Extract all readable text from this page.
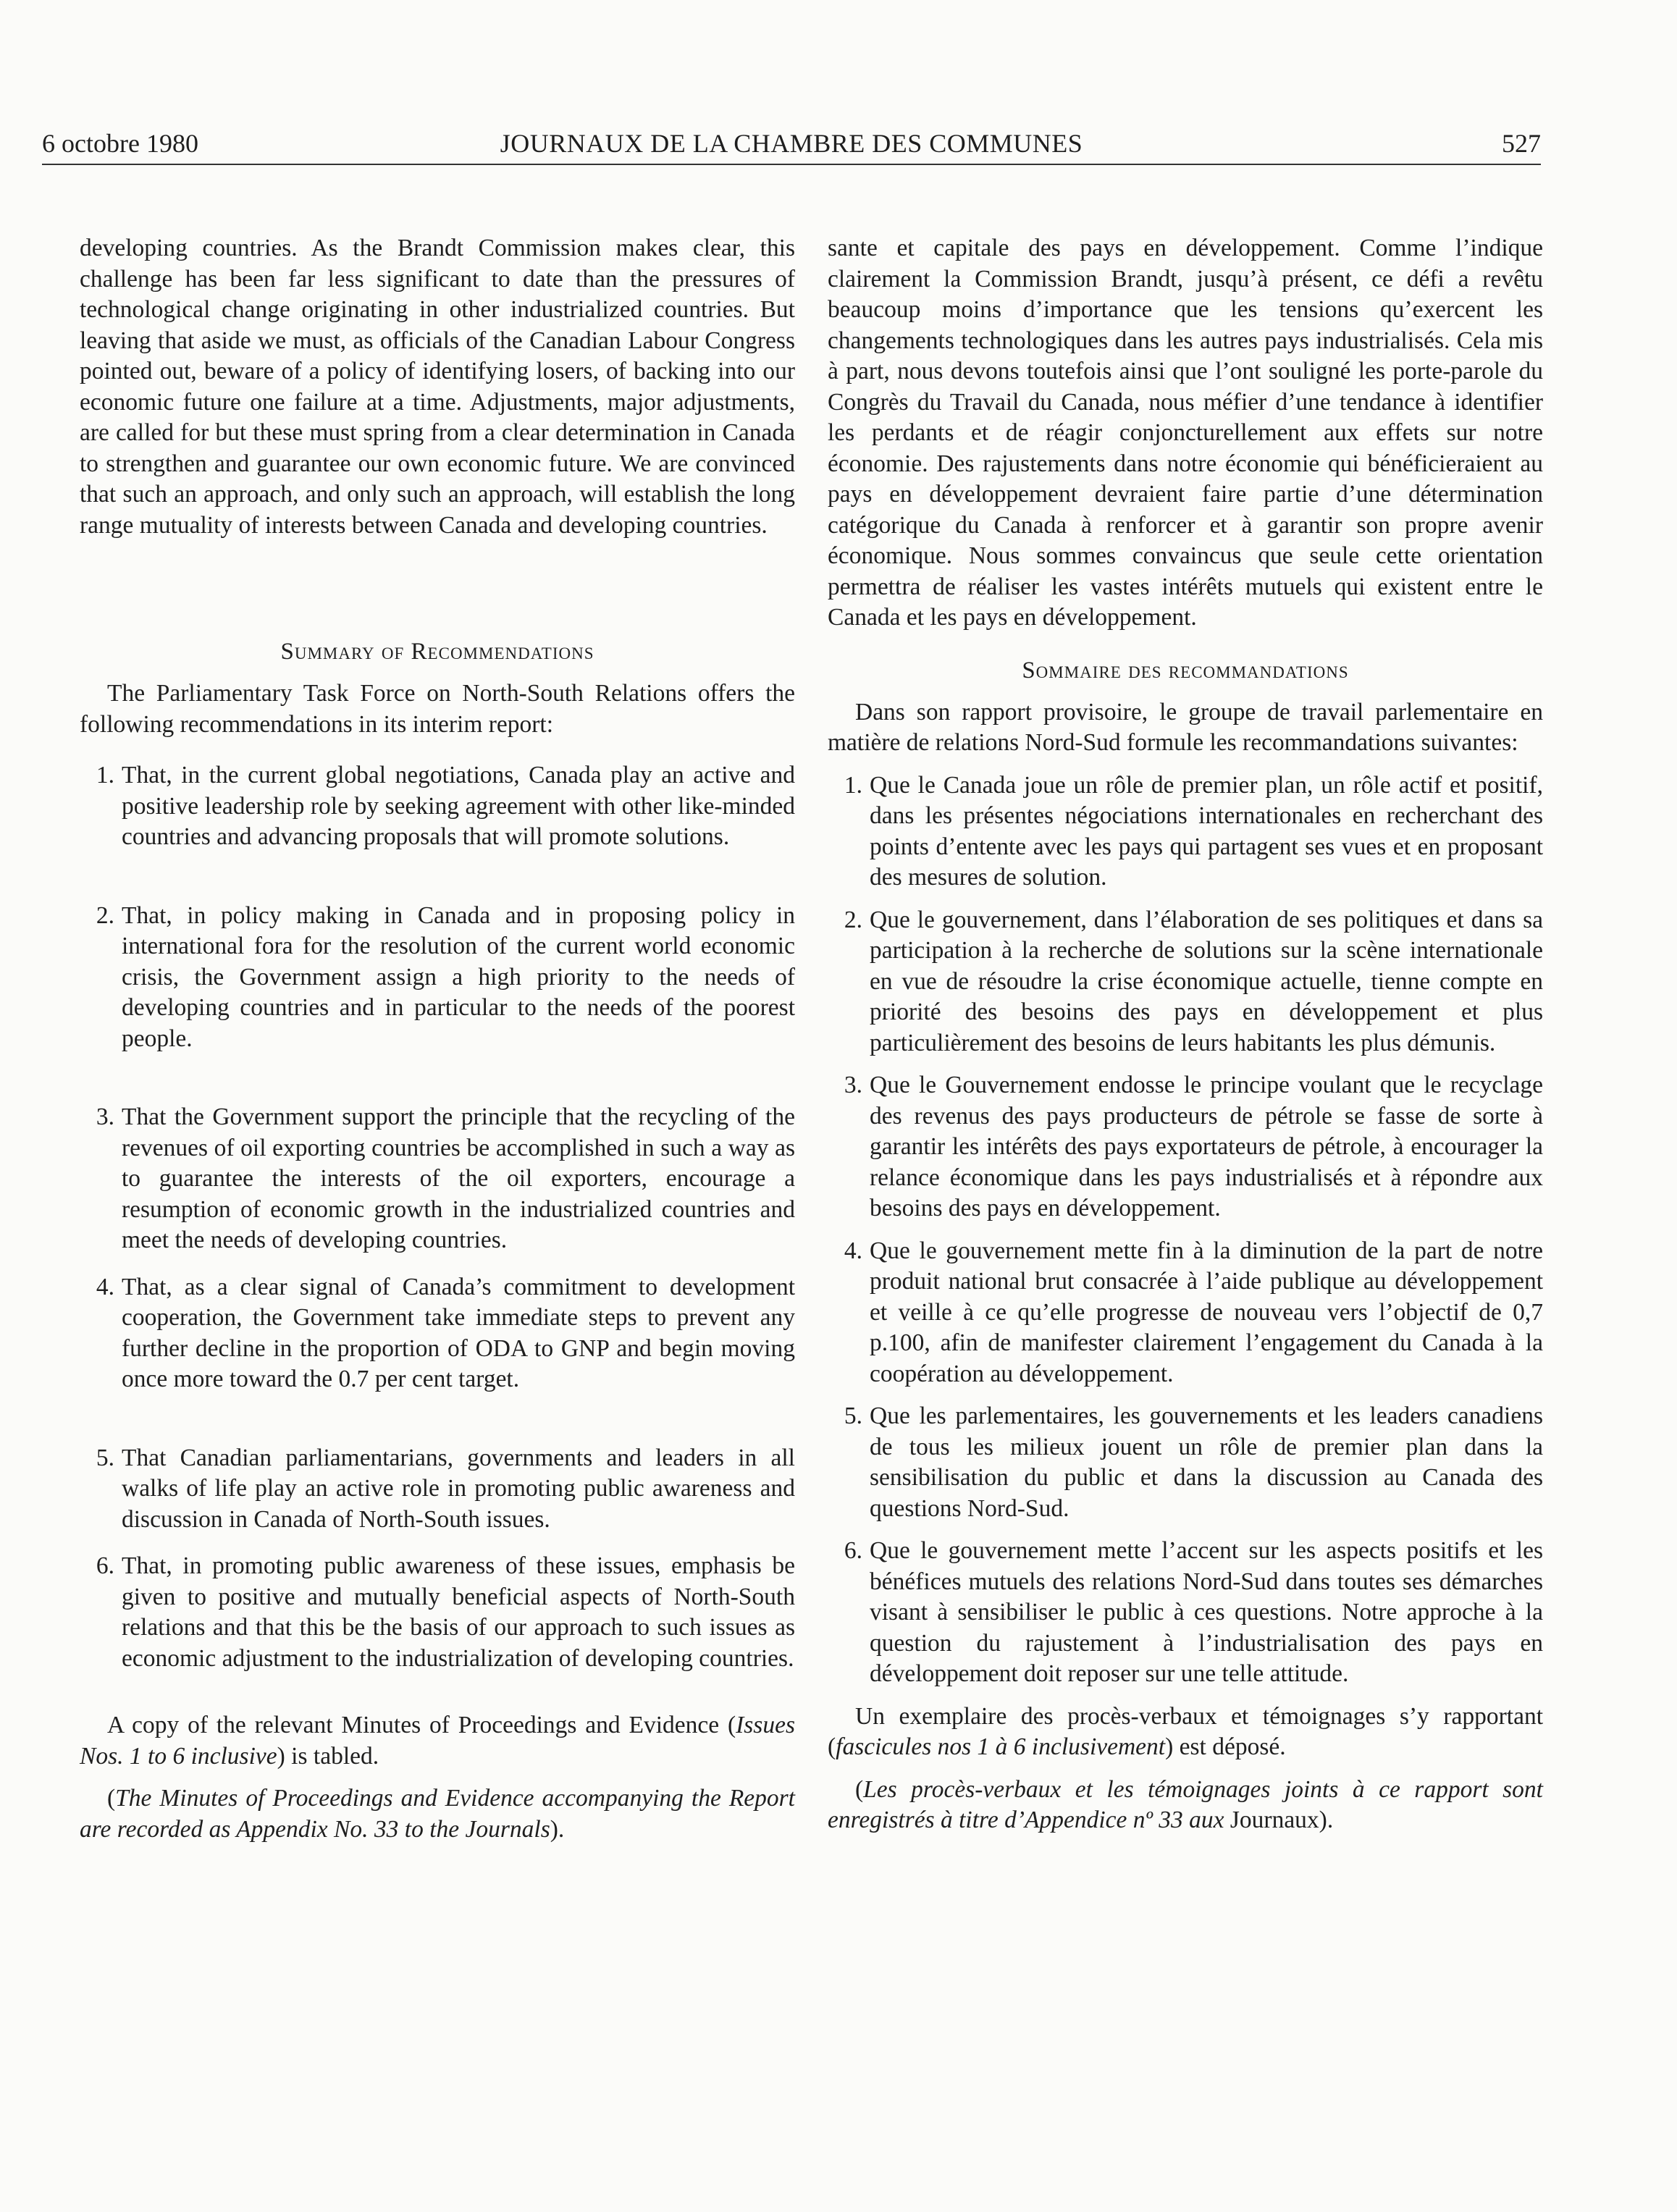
6 octobre 1980	JOURNAUX DE LA CHAMBRE DES COMMUNES	527

developing countries. As the Brandt Commission makes clear, this challenge has been far less significant to date than the pressures of technological change originating in other industrialized countries. But leaving that aside we must, as officials of the Canadian Labour Congress pointed out, beware of a policy of identifying losers, of backing into our economic future one failure at a time. Adjustments, major adjustments, are called for but these must spring from a clear determination in Canada to strengthen and guarantee our own economic future. We are convinced that such an approach, and only such an approach, will establish the long range mutuality of interests between Canada and developing countries.

Summary of Recommendations

The Parliamentary Task Force on North-South Relations offers the following recommendations in its interim report:

1. That, in the current global negotiations, Canada play an active and positive leadership role by seeking agreement with other like-minded countries and advancing proposals that will promote solutions.
2. That, in policy making in Canada and in proposing policy in international fora for the resolution of the current world economic crisis, the Government assign a high priority to the needs of developing countries and in particular to the needs of the poorest people.
3. That the Government support the principle that the recycling of the revenues of oil exporting countries be accomplished in such a way as to guarantee the interests of the oil exporters, encourage a resumption of economic growth in the industrialized countries and meet the needs of developing countries.
4. That, as a clear signal of Canada’s commitment to development cooperation, the Government take immediate steps to prevent any further decline in the proportion of ODA to GNP and begin moving once more toward the 0.7 per cent target.
5. That Canadian parliamentarians, governments and leaders in all walks of life play an active role in promoting public awareness and discussion in Canada of North-South issues.
6. That, in promoting public awareness of these issues, emphasis be given to positive and mutually beneficial aspects of North-South relations and that this be the basis of our approach to such issues as economic adjustment to the industrialization of developing countries.

A copy of the relevant Minutes of Proceedings and Evidence (Issues Nos. 1 to 6 inclusive) is tabled.

(The Minutes of Proceedings and Evidence accompanying the Report are recorded as Appendix No. 33 to the Journals).

sante et capitale des pays en développement. Comme l’indique clairement la Commission Brandt, jusqu’à présent, ce défi a revêtu beaucoup moins d’importance que les tensions qu’exercent les changements technologiques dans les autres pays industrialisés. Cela mis à part, nous devons toutefois ainsi que l’ont souligné les porte-parole du Congrès du Travail du Canada, nous méfier d’une tendance à identifier les perdants et de réagir conjoncturellement aux effets sur notre économie. Des rajustements dans notre économie qui bénéficieraient au pays en développement devraient faire partie d’une détermination catégorique du Canada à renforcer et à garantir son propre avenir économique. Nous sommes convaincus que seule cette orientation permettra de réaliser les vastes intérêts mutuels qui existent entre le Canada et les pays en développement.

Sommaire des recommandations

Dans son rapport provisoire, le groupe de travail parlementaire en matière de relations Nord-Sud formule les recommandations suivantes:

1. Que le Canada joue un rôle de premier plan, un rôle actif et positif, dans les présentes négociations internationales en recherchant des points d’entente avec les pays qui partagent ses vues et en proposant des mesures de solution.
2. Que le gouvernement, dans l’élaboration de ses politiques et dans sa participation à la recherche de solutions sur la scène internationale en vue de résoudre la crise économique actuelle, tienne compte en priorité des besoins des pays en développement et plus particulièrement des besoins de leurs habitants les plus démunis.
3. Que le Gouvernement endosse le principe voulant que le recyclage des revenus des pays producteurs de pétrole se fasse de sorte à garantir les intérêts des pays exportateurs de pétrole, à encourager la relance économique dans les pays industrialisés et à répondre aux besoins des pays en développement.
4. Que le gouvernement mette fin à la diminution de la part de notre produit national brut consacrée à l’aide publique au développement et veille à ce qu’elle progresse de nouveau vers l’objectif de 0,7 p.100, afin de manifester clairement l’engagement du Canada à la coopération au développement.
5. Que les parlementaires, les gouvernements et les leaders canadiens de tous les milieux jouent un rôle de premier plan dans la sensibilisation du public et dans la discussion au Canada des questions Nord-Sud.
6. Que le gouvernement mette l’accent sur les aspects positifs et les bénéfices mutuels des relations Nord-Sud dans toutes ses démarches visant à sensibiliser le public à ces questions. Notre approche à la question du rajustement à l’industrialisation des pays en développement doit reposer sur une telle attitude.

Un exemplaire des procès-verbaux et témoignages s’y rapportant (fascicules nos 1 à 6 inclusivement) est déposé.

(Les procès-verbaux et les témoignages joints à ce rapport sont enregistrés à titre d’Appendice nº 33 aux Journaux).
